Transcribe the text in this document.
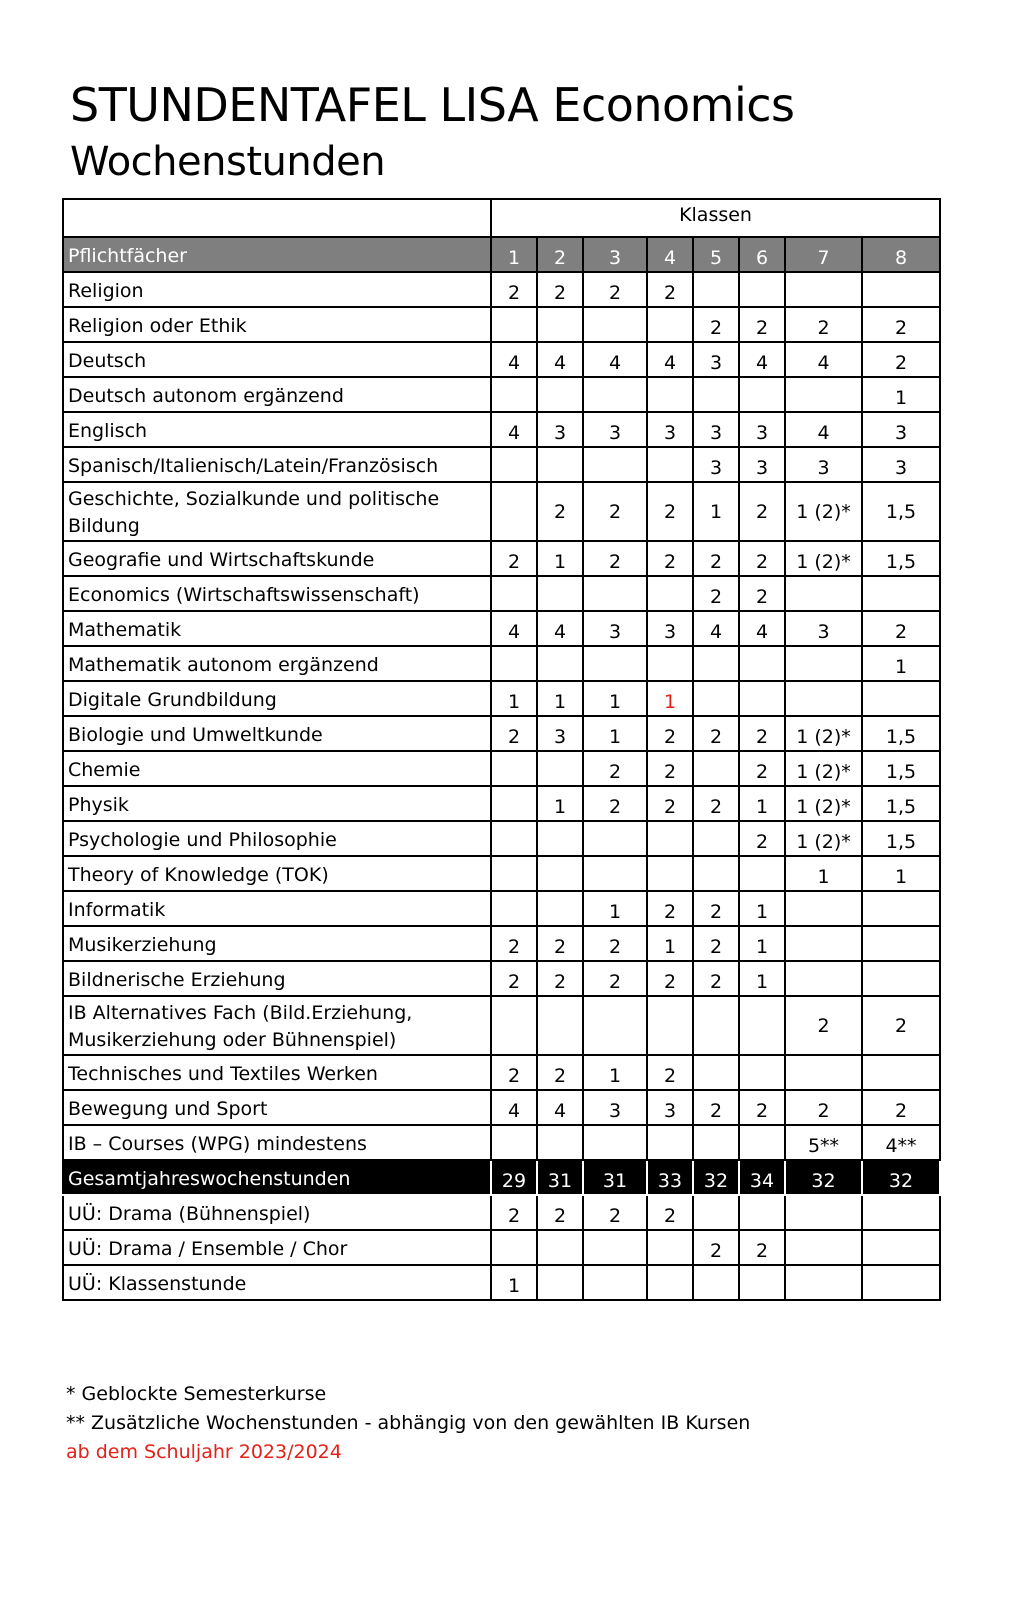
STUNDENTAFEL LISA Economics
Wochenstunden
	Klassen							
Pflichtfächer	1	2	3	4	5	6	7	8
Religion	2	2	2	2				
Religion oder Ethik					2	2	2	2
Deutsch	4	4	4	4	3	4	4	2
Deutsch autonom ergänzend								1
Englisch	4	3	3	3	3	3	4	3
Spanisch/Italienisch/Latein/Französisch					3	3	3	3
Geschichte, Sozialkunde und politische Bildung		2	2	2	1	2	1 (2)*	1,5
Geografie und Wirtschaftskunde	2	1	2	2	2	2	1 (2)*	1,5
Economics (Wirtschaftswissenschaft)					2	2		
Mathematik	4	4	3	3	4	4	3	2
Mathematik autonom ergänzend								1
Digitale Grundbildung	1	1	1	1				
Biologie und Umweltkunde	2	3	1	2	2	2	1 (2)*	1,5
Chemie			2	2		2	1 (2)*	1,5
Physik		1	2	2	2	1	1 (2)*	1,5
Psychologie und Philosophie						2	1 (2)*	1,5
Theory of Knowledge (TOK)							1	1
Informatik			1	2	2	1		
Musikerziehung	2	2	2	1	2	1		
Bildnerische Erziehung	2	2	2	2	2	1		
IB Alternatives Fach (Bild.Erziehung, Musikerziehung oder Bühnenspiel)							2	2
Technisches und Textiles Werken	2	2	1	2				
Bewegung und Sport	4	4	3	3	2	2	2	2
IB – Courses (WPG) mindestens							5**	4**
Gesamtjahreswochenstunden	29	31	31	33	32	34	32	32
UÜ: Drama (Bühnenspiel)	2	2	2	2				
UÜ: Drama / Ensemble / Chor					2	2		
UÜ: Klassenstunde	1							
* Geblockte Semesterkurse
** Zusätzliche Wochenstunden - abhängig von den gewählten IB Kursen
ab dem Schuljahr 2023/2024
